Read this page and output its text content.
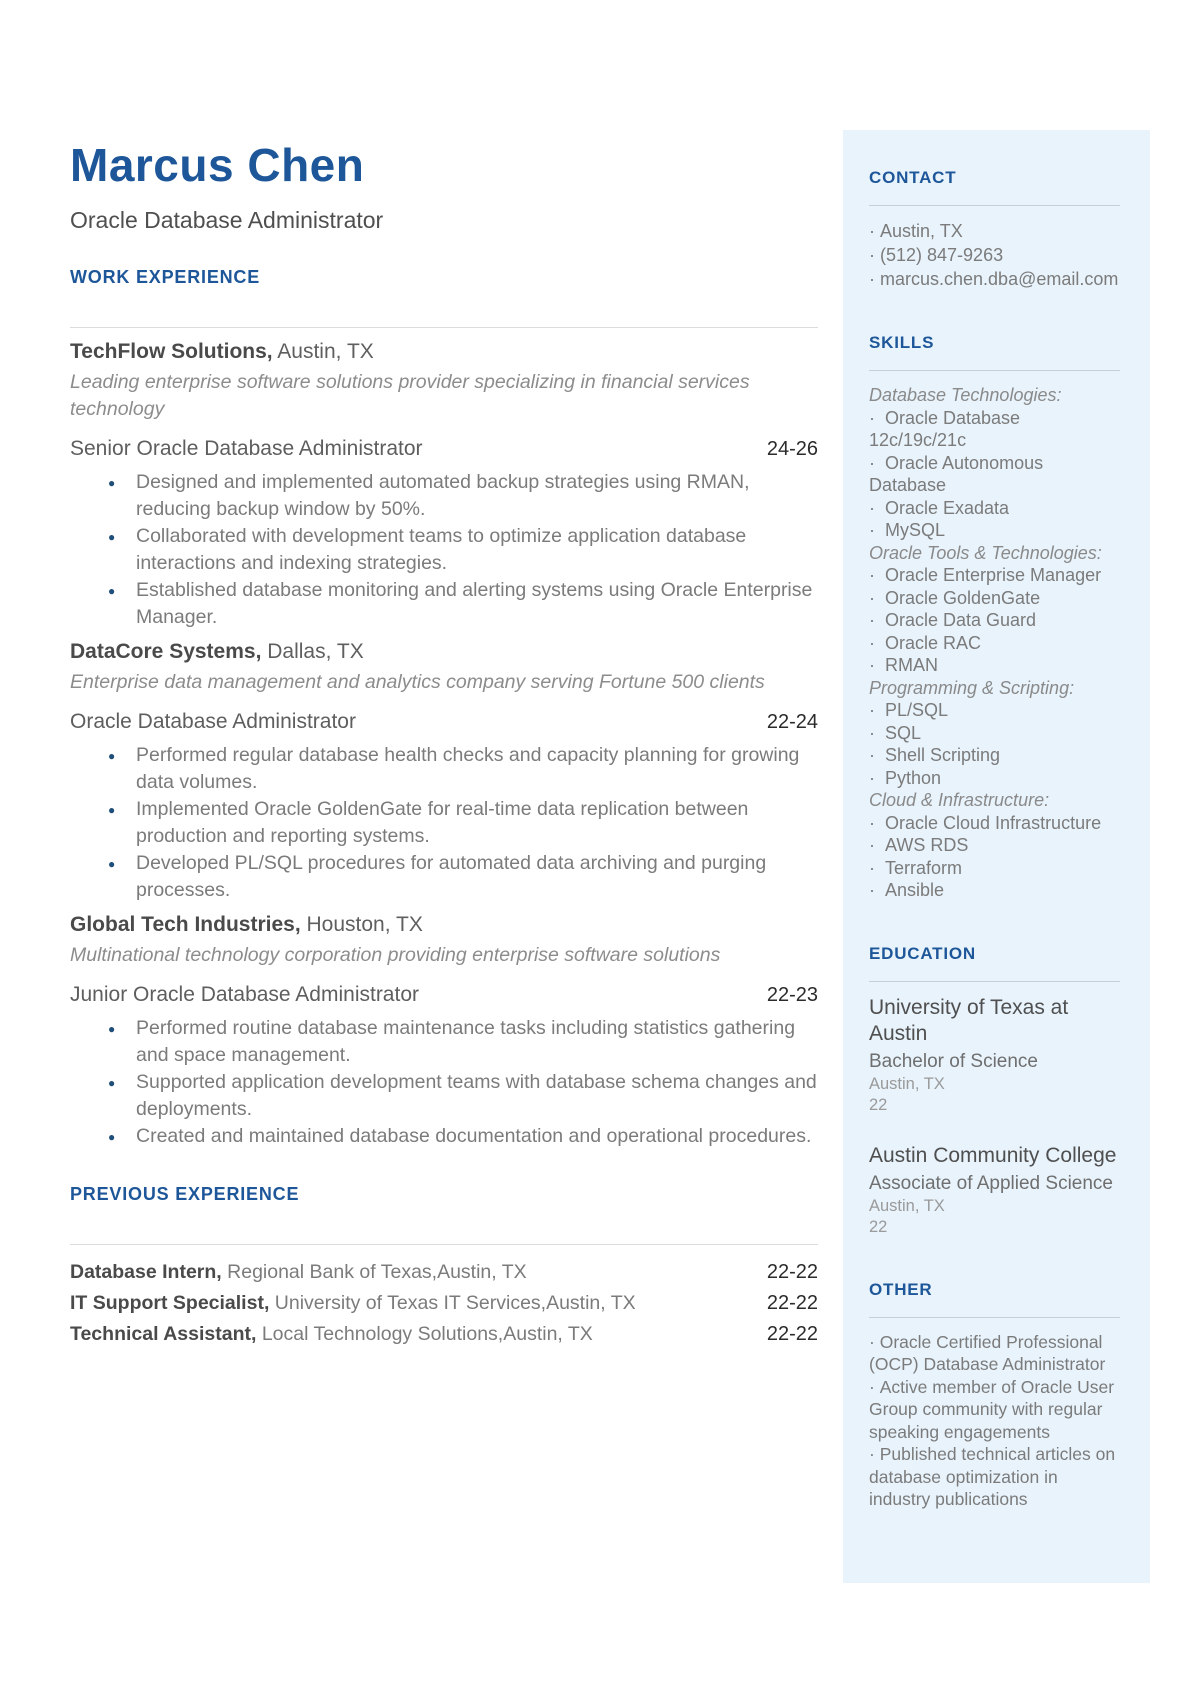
Marcus Chen
Oracle Database Administrator
WORK EXPERIENCE
TechFlow Solutions, Austin, TX
Leading enterprise software solutions provider specializing in financial services technology
Senior Oracle Database Administrator	24-26
● Designed and implemented automated backup strategies using RMAN, reducing backup window by 50%.
● Collaborated with development teams to optimize application database interactions and indexing strategies.
● Established database monitoring and alerting systems using Oracle Enterprise Manager.
DataCore Systems, Dallas, TX
Enterprise data management and analytics company serving Fortune 500 clients
Oracle Database Administrator	22-24
● Performed regular database health checks and capacity planning for growing data volumes.
● Implemented Oracle GoldenGate for real-time data replication between production and reporting systems.
● Developed PL/SQL procedures for automated data archiving and purging processes.
Global Tech Industries, Houston, TX
Multinational technology corporation providing enterprise software solutions
Junior Oracle Database Administrator	22-23
● Performed routine database maintenance tasks including statistics gathering and space management.
● Supported application development teams with database schema changes and deployments.
● Created and maintained database documentation and operational procedures.
PREVIOUS EXPERIENCE
Database Intern, Regional Bank of Texas,Austin, TX	22-22
IT Support Specialist, University of Texas IT Services,Austin, TX	22-22
Technical Assistant, Local Technology Solutions,Austin, TX	22-22
CONTACT
· Austin, TX
· (512) 847-9263
· marcus.chen.dba@email.com
SKILLS
Database Technologies:
·  Oracle Database 12c/19c/21c
·  Oracle Autonomous Database
·  Oracle Exadata
·  MySQL
Oracle Tools & Technologies:
·  Oracle Enterprise Manager
·  Oracle GoldenGate
·  Oracle Data Guard
·  Oracle RAC
·  RMAN
Programming & Scripting:
·  PL/SQL
·  SQL
·  Shell Scripting
·  Python
Cloud & Infrastructure:
·  Oracle Cloud Infrastructure
·  AWS RDS
·  Terraform
·  Ansible
EDUCATION
University of Texas at Austin
Bachelor of Science
Austin, TX
22
Austin Community College
Associate of Applied Science
Austin, TX
22
OTHER
· Oracle Certified Professional (OCP) Database Administrator
· Active member of Oracle User Group community with regular speaking engagements
· Published technical articles on database optimization in industry publications
